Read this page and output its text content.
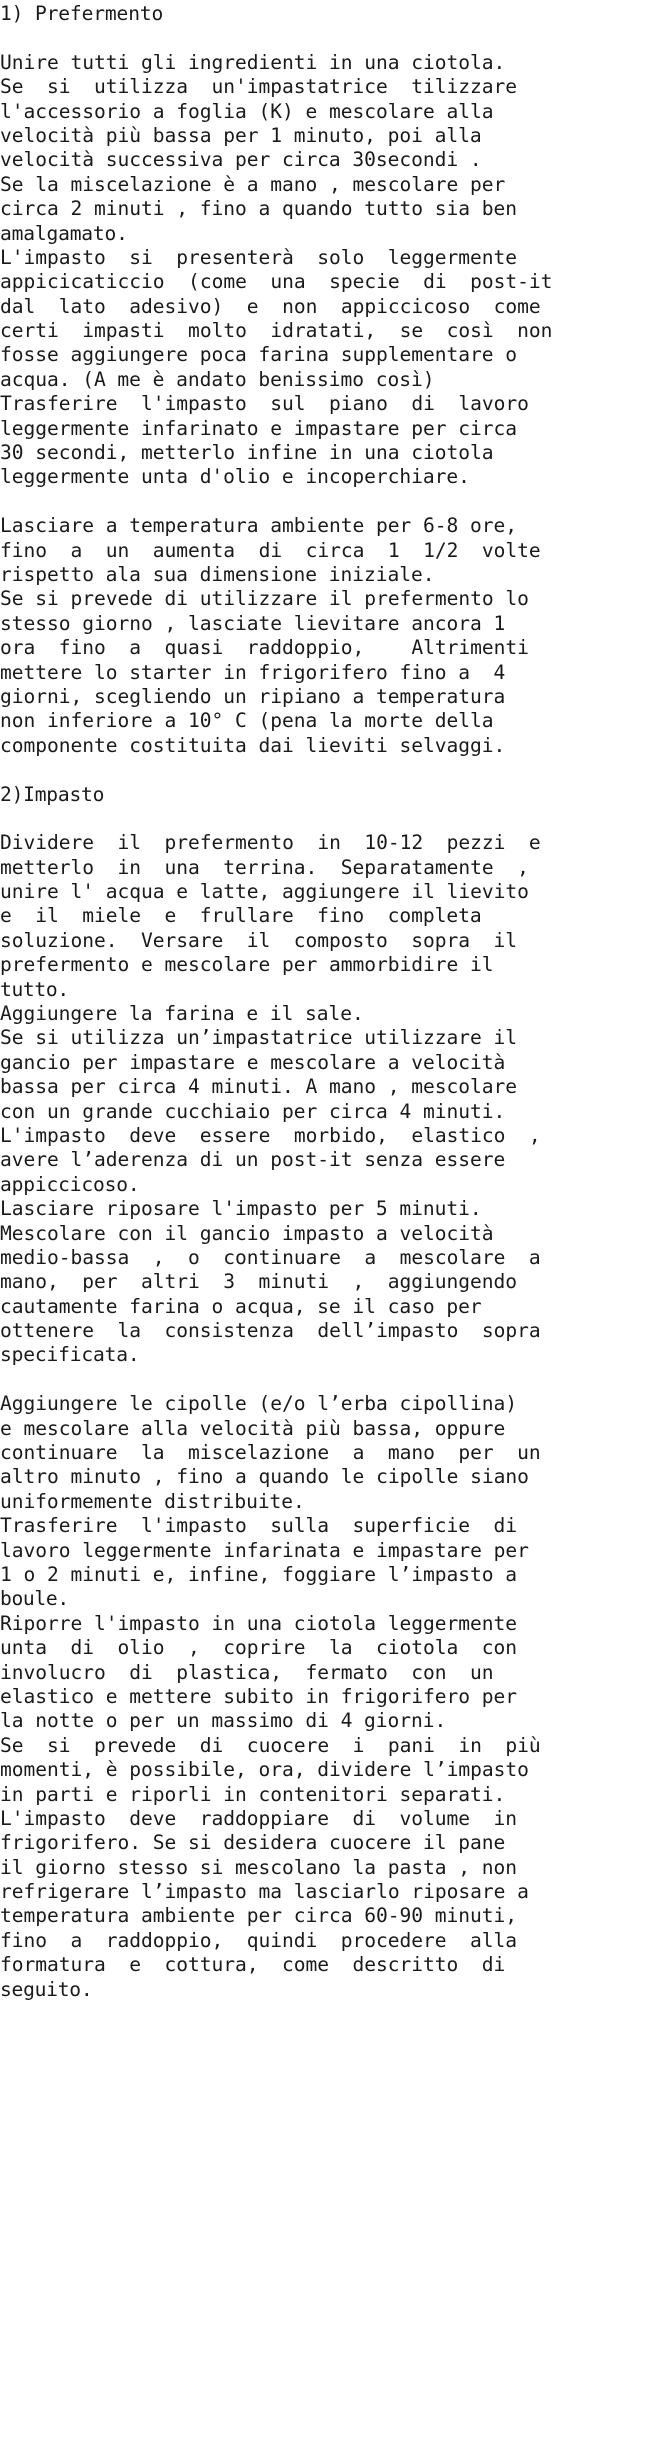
1) Prefermento
Unire tutti gli ingredienti in una ciotola.
Se  si  utilizza  un'impastatrice  tilizzare
l'accessorio a foglia (K) e mescolare alla
velocità più bassa per 1 minuto, poi alla
velocità successiva per circa 30secondi .
Se la miscelazione è a mano , mescolare per
circa 2 minuti , fino a quando tutto sia ben
amalgamato.
L'impasto  si  presenterà  solo  leggermente
appicicaticcio  (come  una  specie  di  post-it
dal  lato  adesivo)  e  non  appiccicoso  come
certi  impasti  molto  idratati,  se  così  non
fosse aggiungere poca farina supplementare o
acqua. (A me è andato benissimo così)
Trasferire  l'impasto  sul  piano  di  lavoro
leggermente infarinato e impastare per circa
30 secondi, metterlo infine in una ciotola
leggermente unta d'olio e incoperchiare.
Lasciare a temperatura ambiente per 6-8 ore,
fino  a  un  aumenta  di  circa  1  1/2  volte
rispetto ala sua dimensione iniziale.
Se si prevede di utilizzare il prefermento lo
stesso giorno , lasciate lievitare ancora 1
ora  fino  a  quasi  raddoppio,    Altrimenti
mettere lo starter in frigorifero fino a  4
giorni, scegliendo un ripiano a temperatura
non inferiore a 10° C (pena la morte della
componente costituita dai lieviti selvaggi.
2)Impasto
Dividere  il  prefermento  in  10-12  pezzi  e
metterlo  in  una  terrina.  Separatamente  ,
unire l' acqua e latte, aggiungere il lievito
e  il  miele  e  frullare  fino  completa
soluzione.  Versare  il  composto  sopra  il
prefermento e mescolare per ammorbidire il
tutto.
Aggiungere la farina e il sale.
Se si utilizza un’impastatrice utilizzare il
gancio per impastare e mescolare a velocità
bassa per circa 4 minuti. A mano , mescolare
con un grande cucchiaio per circa 4 minuti.
L'impasto  deve  essere  morbido,  elastico  ,
avere l’aderenza di un post-it senza essere
appiccicoso.
Lasciare riposare l'impasto per 5 minuti.
Mescolare con il gancio impasto a velocità
medio-bassa  ,  o  continuare  a  mescolare  a
mano,  per  altri  3  minuti  ,  aggiungendo
cautamente farina o acqua, se il caso per
ottenere  la  consistenza  dell’impasto  sopra
specificata.
Aggiungere le cipolle (e/o l’erba cipollina)
e mescolare alla velocità più bassa, oppure
continuare  la  miscelazione  a  mano  per  un
altro minuto , fino a quando le cipolle siano
uniformemente distribuite.
Trasferire  l'impasto  sulla  superficie  di
lavoro leggermente infarinata e impastare per
1 o 2 minuti e, infine, foggiare l’impasto a
boule.
Riporre l'impasto in una ciotola leggermente
unta  di  olio  ,  coprire  la  ciotola  con
involucro  di  plastica,  fermato  con  un
elastico e mettere subito in frigorifero per
la notte o per un massimo di 4 giorni.
Se  si  prevede  di  cuocere  i  pani  in  più
momenti, è possibile, ora, dividere l’impasto
in parti e riporli in contenitori separati.
L'impasto  deve  raddoppiare  di  volume  in
frigorifero. Se si desidera cuocere il pane
il giorno stesso si mescolano la pasta , non
refrigerare l’impasto ma lasciarlo riposare a
temperatura ambiente per circa 60-90 minuti,
fino  a  raddoppio,  quindi  procedere  alla
formatura  e  cottura,  come  descritto  di
seguito.
